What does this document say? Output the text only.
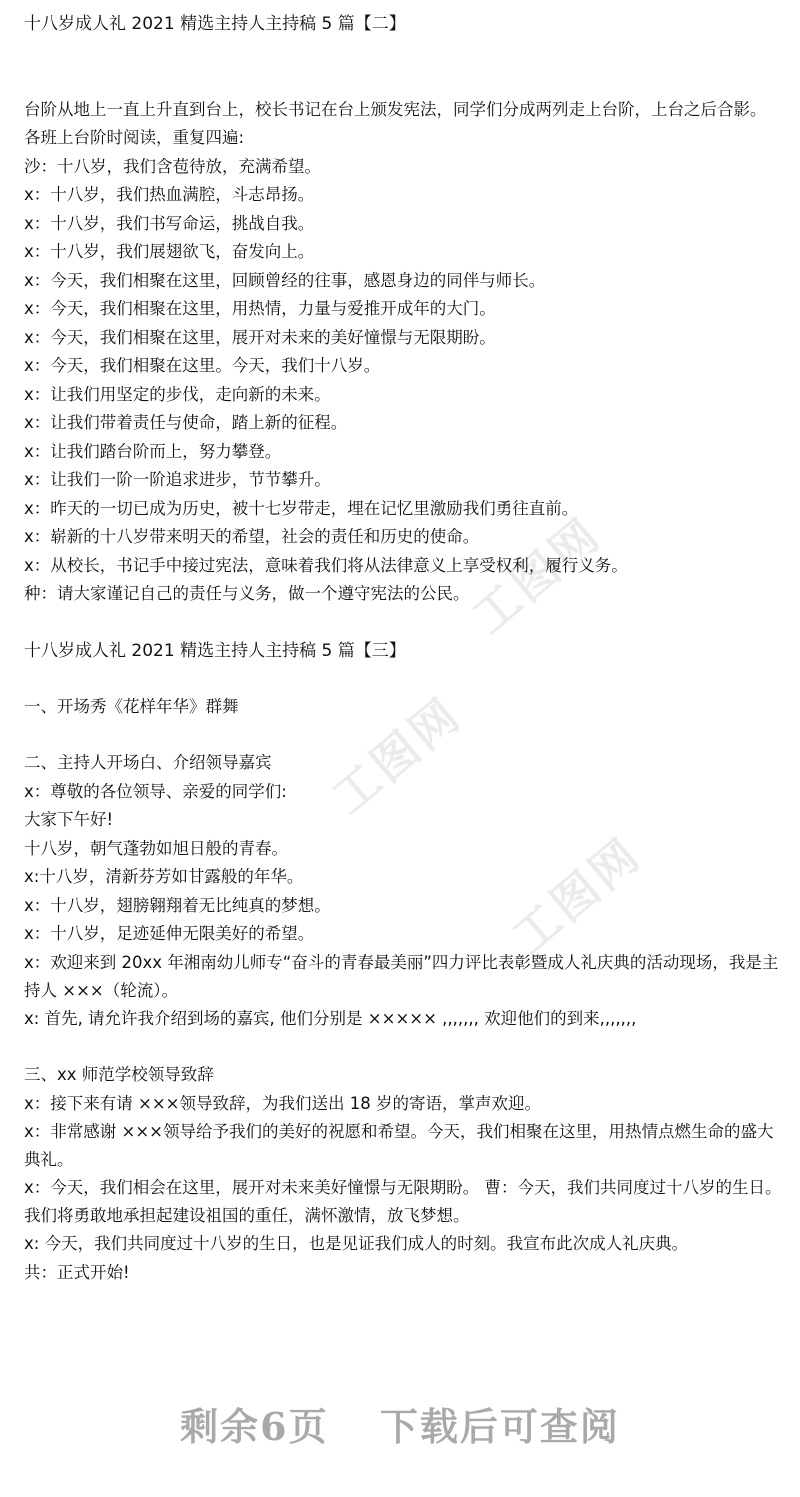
工图网
工图网
工图网
十八岁成人礼 2021 精选主持人主持稿 5 篇【二】

台阶从地上一直上升直到台上，校长书记在台上颁发宪法，同学们分成两列走上台阶，上台之后合影。

各班上台阶时阅读，重复四遍:

沙：十八岁，我们含苞待放，充满希望。

x：十八岁，我们热血满腔，斗志昂扬。

x：十八岁，我们书写命运，挑战自我。

x：十八岁，我们展翅欲飞，奋发向上。

x：今天，我们相聚在这里，回顾曾经的往事，感恩身边的同伴与师长。

x：今天，我们相聚在这里，用热情，力量与爱推开成年的大门。

x：今天，我们相聚在这里，展开对未来的美好憧憬与无限期盼。

x：今天，我们相聚在这里。今天，我们十八岁。

x：让我们用坚定的步伐，走向新的未来。

x：让我们带着责任与使命，踏上新的征程。

x：让我们踏台阶而上，努力攀登。

x：让我们一阶一阶追求进步，节节攀升。

x：昨天的一切已成为历史，被十七岁带走，埋在记忆里激励我们勇往直前。

x：崭新的十八岁带来明天的希望，社会的责任和历史的使命。

x：从校长，书记手中接过宪法，意味着我们将从法律意义上享受权利，履行义务。

种：请大家谨记自己的责任与义务，做一个遵守宪法的公民。

十八岁成人礼 2021 精选主持人主持稿 5 篇【三】

一、开场秀《花样年华》群舞

二、主持人开场白、介绍领导嘉宾

x：尊敬的各位领导、亲爱的同学们:

大家下午好!

十八岁，朝气蓬勃如旭日般的青春。

x:十八岁，清新芬芳如甘露般的年华。

x：十八岁，翅膀翱翔着无比纯真的梦想。

x：十八岁，足迹延伸无限美好的希望。

x：欢迎来到 20xx 年湘南幼儿师专“奋斗的青春最美丽”四力评比表彰暨成人礼庆典的活动现场，我是主持人 ×××（轮流）。

x: 首先, 请允许我介绍到场的嘉宾, 他们分别是 ××××× ,,,,,,, 欢迎他们的到来,,,,,,,

三、xx 师范学校领导致辞

x：接下来有请 ×××领导致辞，为我们送出 18 岁的寄语，掌声欢迎。

x：非常感谢 ×××领导给予我们的美好的祝愿和希望。今天，我们相聚在这里，用热情点燃生命的盛大典礼。

x：今天，我们相会在这里，展开对未来美好憧憬与无限期盼。 曹：今天，我们共同度过十八岁的生日。我们将勇敢地承担起建设祖国的重任，满怀激情，放飞梦想。

x: 今天，我们共同度过十八岁的生日，也是见证我们成人的时刻。我宣布此次成人礼庆典。

共：正式开始!

剩余6页 下载后可查阅
